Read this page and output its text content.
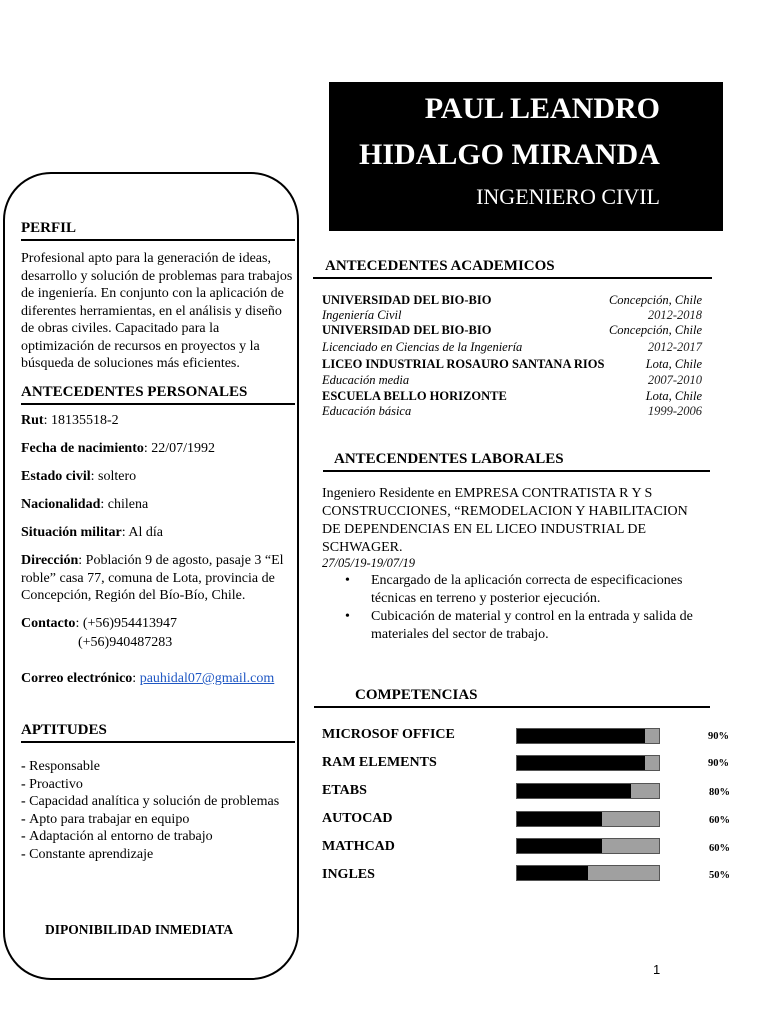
PAUL LEANDRO
HIDALGO MIRANDA
INGENIERO CIVIL
PERFIL
Profesional apto para la generación de ideas, desarrollo y solución de problemas para trabajos de ingeniería. En conjunto con la aplicación de diferentes herramientas, en el análisis y diseño de obras civiles. Capacitado para la optimización de recursos en proyectos y la búsqueda de soluciones más eficientes.
ANTECEDENTES PERSONALES
Rut: 18135518-2
Fecha de nacimiento: 22/07/1992
Estado civil: soltero
Nacionalidad: chilena
Situación militar: Al día
Dirección: Población 9 de agosto, pasaje 3 “El roble” casa 77, comuna de Lota, provincia de Concepción, Región del Bío-Bío, Chile.
Contacto: (+56)954413947
(+56)940487283
Correo electrónico: pauhidal07@gmail.com
APTITUDES
- Responsable
- Proactivo
- Capacidad analítica y solución de problemas
- Apto para trabajar en equipo
- Adaptación al entorno de trabajo
- Constante aprendizaje
DIPONIBILIDAD INMEDIATA
ANTECEDENTES ACADEMICOS
UNIVERSIDAD DEL BIO-BIO	Concepción, Chile
Ingeniería Civil	2012-2018
UNIVERSIDAD DEL BIO-BIO	Concepción, Chile
Licenciado en Ciencias de la Ingeniería	2012-2017
LICEO INDUSTRIAL ROSAURO SANTANA RIOS	Lota, Chile
Educación media	2007-2010
ESCUELA BELLO HORIZONTE	Lota, Chile
Educación básica	1999-2006
ANTECENDENTES LABORALES
Ingeniero Residente en EMPRESA CONTRATISTA R Y S CONSTRUCCIONES, “REMODELACION Y HABILITACION DE DEPENDENCIAS EN EL LICEO INDUSTRIAL DE SCHWAGER.
27/05/19-19/07/19
• Encargado de la aplicación correcta de especificaciones técnicas en terreno y posterior ejecución.
• Cubicación de material y control en la entrada y salida de materiales del sector de trabajo.
COMPETENCIAS
MICROSOF OFFICE	90%
RAM ELEMENTS	90%
ETABS	80%
AUTOCAD	60%
MATHCAD	60%
INGLES	50%
1
